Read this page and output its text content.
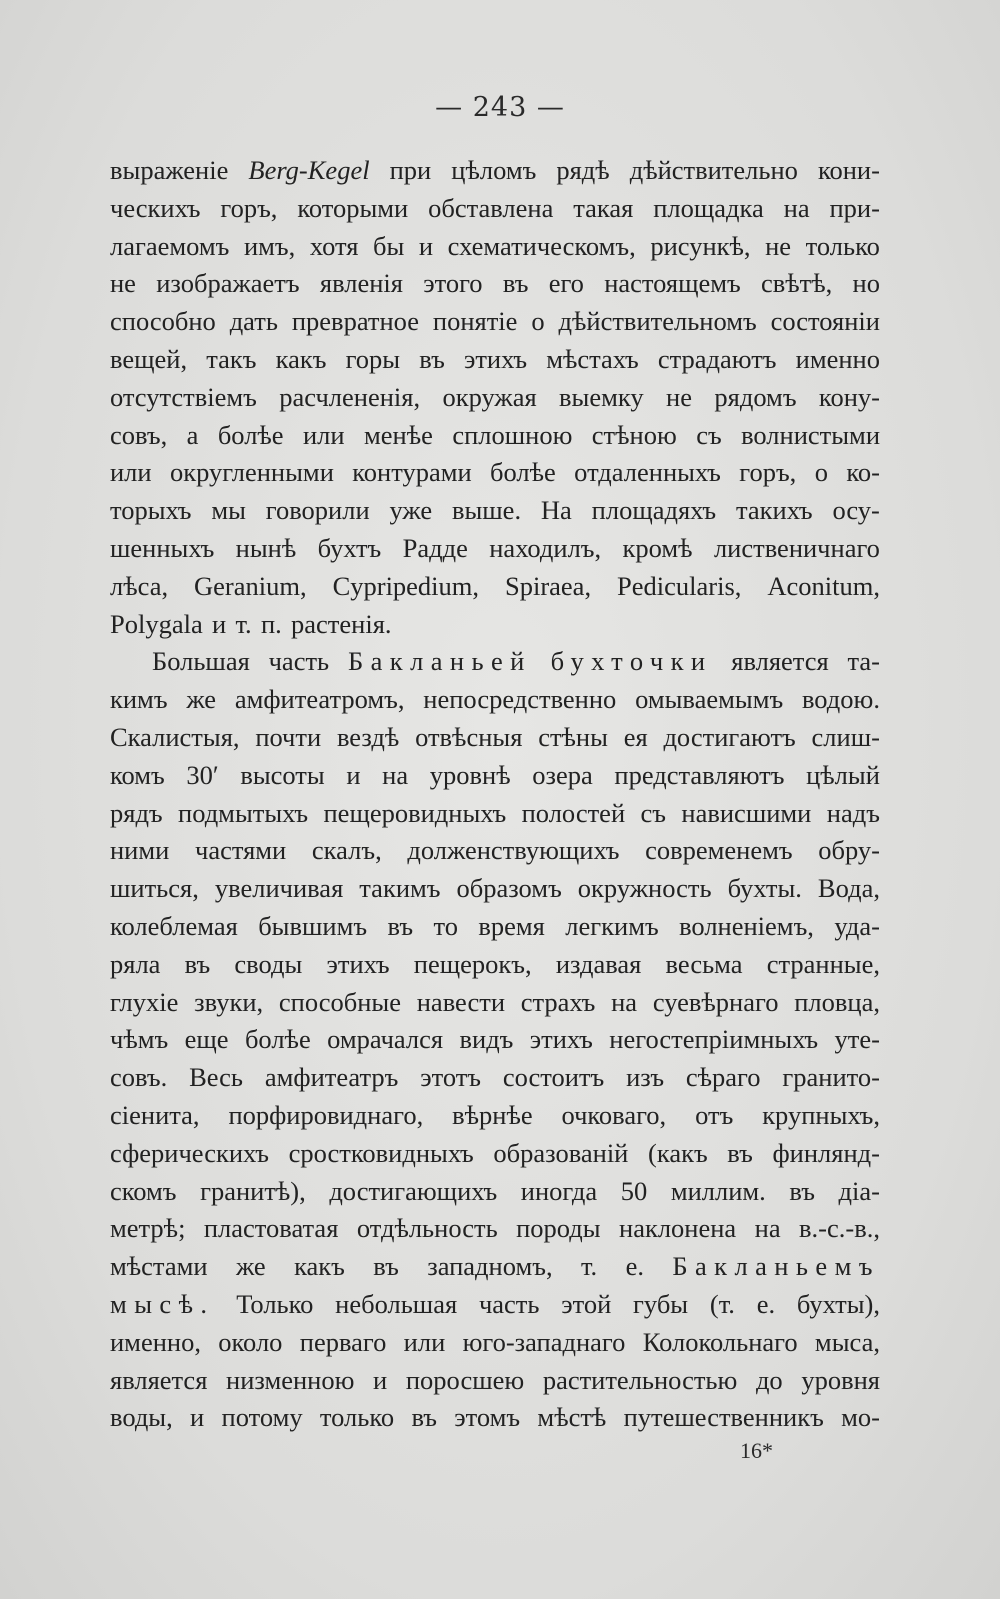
— 243 —
выраженіе Berg-Kegel при цѣломъ рядѣ дѣйствительно кони-
ческихъ горъ, которыми обставлена такая площадка на при-
лагаемомъ имъ, хотя бы и схематическомъ, рисункѣ, не только
не изображаетъ явленія этого въ его настоящемъ свѣтѣ, но
способно дать превратное понятіе о дѣйствительномъ состояніи
вещей, такъ какъ горы въ этихъ мѣстахъ страдаютъ именно
отсутствіемъ расчлененія, окружая выемку не рядомъ кону-
совъ, а болѣе или менѣе сплошною стѣною съ волнистыми
или округленными контурами болѣе отдаленныхъ горъ, о ко-
торыхъ мы говорили уже выше. На площадяхъ такихъ осу-
шенныхъ нынѣ бухтъ Радде находилъ, кромѣ лиственичнаго
лѣса, Geranium, Cypripedium, Spiraea, Pedicularis, Aconitum,
Polygala и т. п. растенія.
Большая часть Бакланьей бухточки является та-
кимъ же амфитеатромъ, непосредственно омываемымъ водою.
Скалистыя, почти вездѣ отвѣсныя стѣны ея достигаютъ слиш-
комъ 30′ высоты и на уровнѣ озера представляютъ цѣлый
рядъ подмытыхъ пещеровидныхъ полостей съ нависшими надъ
ними частями скалъ, долженствующихъ современемъ обру-
шиться, увеличивая такимъ образомъ окружность бухты. Вода,
колеблемая бывшимъ въ то время легкимъ волненіемъ, уда-
ряла въ своды этихъ пещерокъ, издавая весьма странные,
глухіе звуки, способные навести страхъ на суевѣрнаго пловца,
чѣмъ еще болѣе омрачался видъ этихъ негостепріимныхъ уте-
совъ. Весь амфитеатръ этотъ состоитъ изъ сѣраго гранито-
сіенита, порфировиднаго, вѣрнѣе очковаго, отъ крупныхъ,
сферическихъ сростковидныхъ образованій (какъ въ финлянд-
скомъ гранитѣ), достигающихъ иногда 50 миллим. въ діа-
метрѣ; пластоватая отдѣльность породы наклонена на в.-с.-в.,
мѣстами же какъ въ западномъ, т. е. Бакланьемъ
мысѣ. Только небольшая часть этой губы (т. е. бухты),
именно, около перваго или юго-западнаго Колокольнаго мыса,
является низменною и поросшею растительностью до уровня
воды, и потому только въ этомъ мѣстѣ путешественникъ мо-
16*
